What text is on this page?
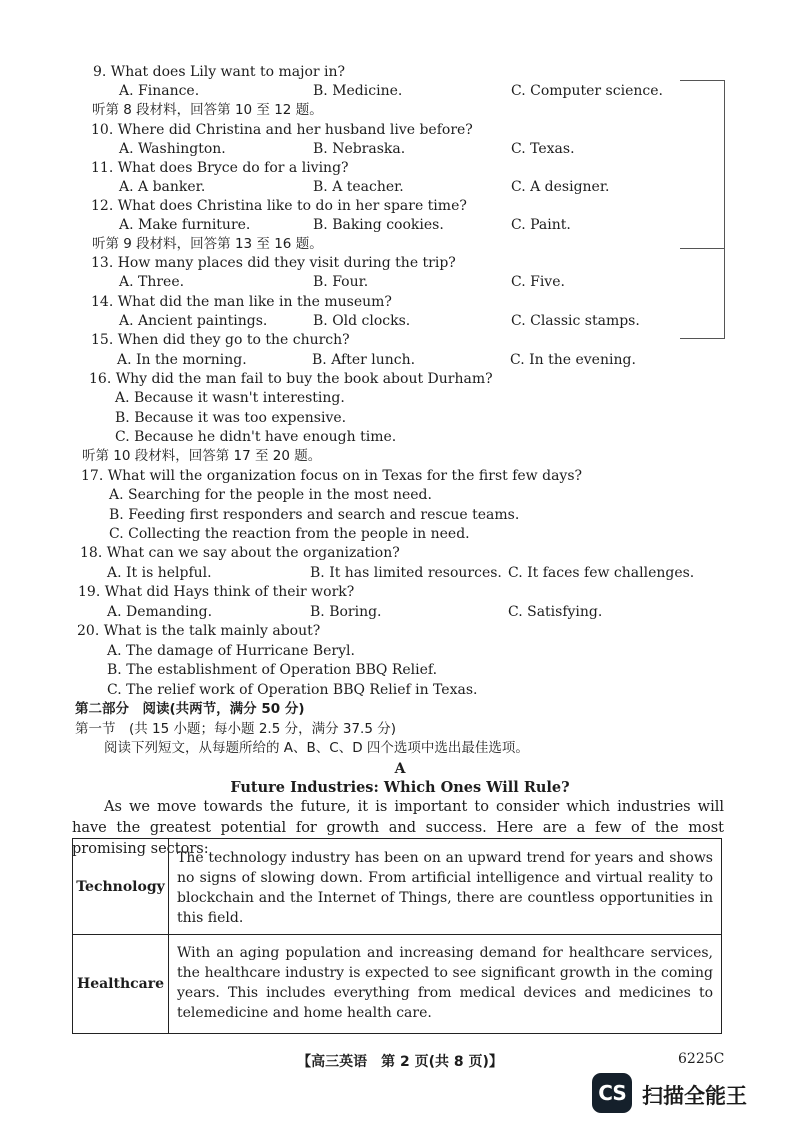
9. What does Lily want to major in?
A. Finance.	B. Medicine.	C. Computer science.
听第 8 段材料，回答第 10 至 12 题。
10. Where did Christina and her husband live before?
A. Washington.	B. Nebraska.	C. Texas.
11. What does Bryce do for a living?
A. A banker.	B. A teacher.	C. A designer.
12. What does Christina like to do in her spare time?
A. Make furniture.	B. Baking cookies.	C. Paint.
听第 9 段材料，回答第 13 至 16 题。
13. How many places did they visit during the trip?
A. Three.	B. Four.	C. Five.
14. What did the man like in the museum?
A. Ancient paintings.	B. Old clocks.	C. Classic stamps.
15. When did they go to the church?
A. In the morning.	B. After lunch.	C. In the evening.
16. Why did the man fail to buy the book about Durham?
A. Because it wasn't interesting.
B. Because it was too expensive.
C. Because he didn't have enough time.
听第 10 段材料，回答第 17 至 20 题。
17. What will the organization focus on in Texas for the first few days?
A. Searching for the people in the most need.
B. Feeding first responders and search and rescue teams.
C. Collecting the reaction from the people in need.
18. What can we say about the organization?
A. It is helpful.	B. It has limited resources. C. It faces few challenges.
19. What did Hays think of their work?
A. Demanding.	B. Boring.	C. Satisfying.
20. What is the talk mainly about?
A. The damage of Hurricane Beryl.
B. The establishment of Operation BBQ Relief.
C. The relief work of Operation BBQ Relief in Texas.
第二部分　阅读(共两节，满分 50 分)
第一节　(共 15 小题；每小题 2.5 分，满分 37.5 分)
阅读下列短文，从每题所给的 A、B、C、D 四个选项中选出最佳选项。
A
Future Industries: Which Ones Will Rule?
As we move towards the future, it is important to consider which industries will have the greatest potential for growth and success. Here are a few of the most promising sectors:
Technology
The technology industry has been on an upward trend for years and shows no signs of slowing down. From artificial intelligence and virtual reality to blockchain and the Internet of Things, there are countless opportunities in this field.
Healthcare
With an aging population and increasing demand for healthcare services, the healthcare industry is expected to see significant growth in the coming years. This includes everything from medical devices and medicines to telemedicine and home health care.
【高三英语　第 2 页(共 8 页)】	6225C
CS 扫描全能王
